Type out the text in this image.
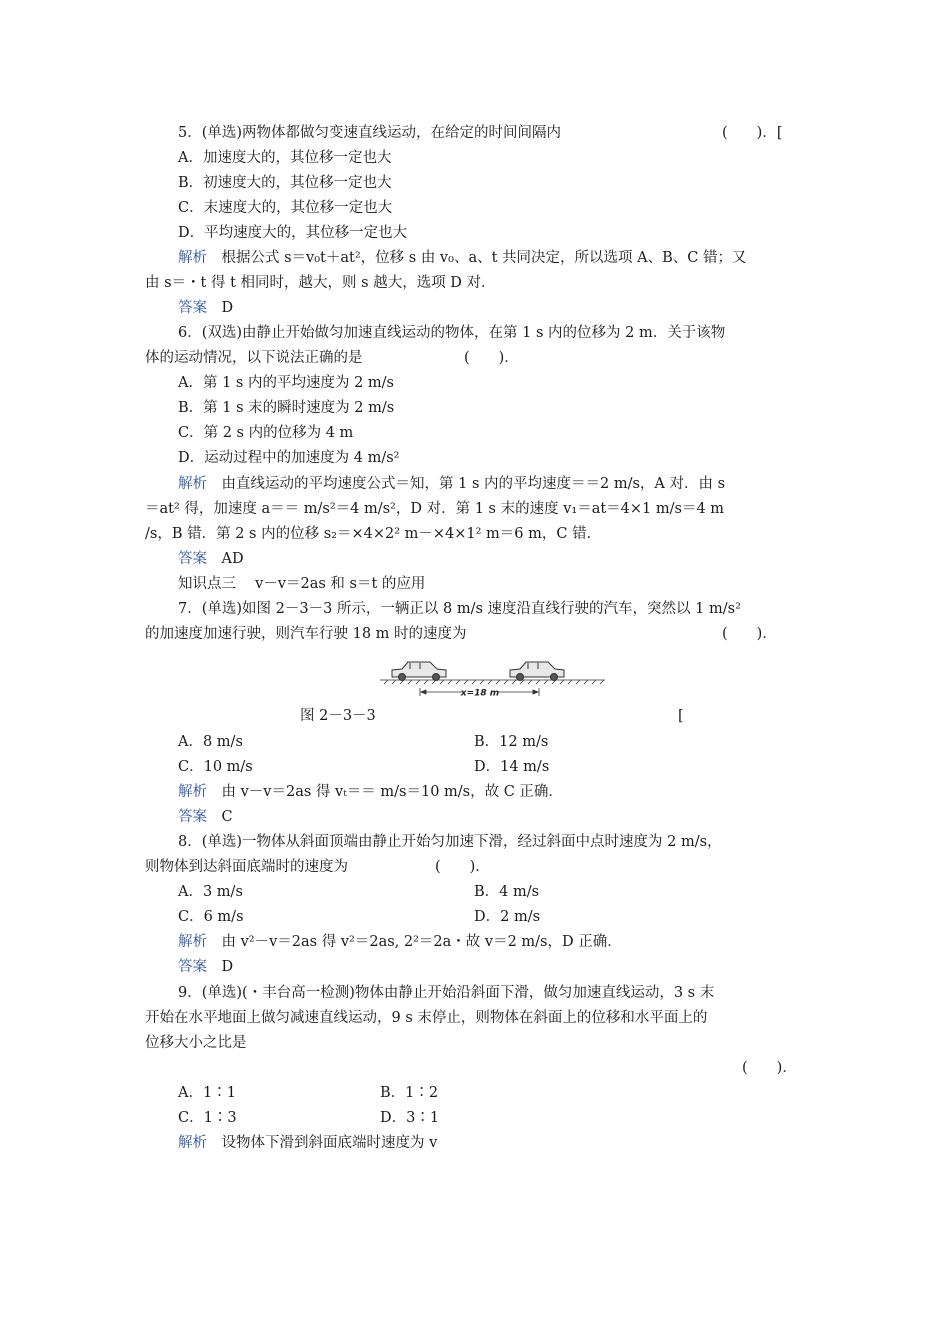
5．(单选)两物体都做匀变速直线运动，在给定的时间间隔内	(　　)．[
A．加速度大的，其位移一定也大
B．初速度大的，其位移一定也大
C．末速度大的，其位移一定也大
D．平均速度大的，其位移一定也大
解析　根据公式 s＝v₀t＋at²，位移 s 由 v₀、a、t 共同决定，所以选项 A、B、C 错；又
由 s＝・t 得 t 相同时，越大，则 s 越大，选项 D 对．
答案　D
6．(双选)由静止开始做匀加速直线运动的物体，在第 1 s 内的位移为 2 m．关于该物
体的运动情况，以下说法正确的是　　　　　　　(　　)．
A．第 1 s 内的平均速度为 2 m/s
B．第 1 s 末的瞬时速度为 2 m/s
C．第 2 s 内的位移为 4 m
D．运动过程中的加速度为 4 m/s²
解析　由直线运动的平均速度公式＝知，第 1 s 内的平均速度＝＝2 m/s，A 对．由 s
＝at² 得，加速度 a＝＝ m/s²＝4 m/s²，D 对．第 1 s 末的速度 v₁＝at＝4×1 m/s＝4 m
/s，B 错．第 2 s 内的位移 s₂＝×4×2² m－×4×1² m＝6 m，C 错．
答案　AD
知识点三　 v－v＝2as 和 s＝t 的应用
7．(单选)如图 2－3－3 所示，一辆正以 8 m/s 速度沿直线行驶的汽车，突然以 1 m/s²
的加速度加速行驶，则汽车行驶 18 m 时的速度为	(　　)．
x=18 m
图 2－3－3	[
A．8 m/s	B．12 m/s
C．10 m/s	D．14 m/s
解析　由 v－v＝2as 得 vₜ＝＝ m/s＝10 m/s，故 C 正确．
答案　C
8．(单选)一物体从斜面顶端由静止开始匀加速下滑，经过斜面中点时速度为 2 m/s，
则物体到达斜面底端时的速度为　　　　　　(　　)．
A．3 m/s	B．4 m/s
C．6 m/s	D．2 m/s
解析　由 v²－v＝2as 得 v²＝2as, 2²＝2a・故 v＝2 m/s，D 正确．
答案　D
9．(单选)(・丰台高一检测)物体由静止开始沿斜面下滑，做匀加速直线运动，3 s 末
开始在水平地面上做匀减速直线运动，9 s 末停止，则物体在斜面上的位移和水平面上的
位移大小之比是
(　　)．
A．1∶1	B．1∶2
C．1∶3	D．3∶1
解析　设物体下滑到斜面底端时速度为 v
